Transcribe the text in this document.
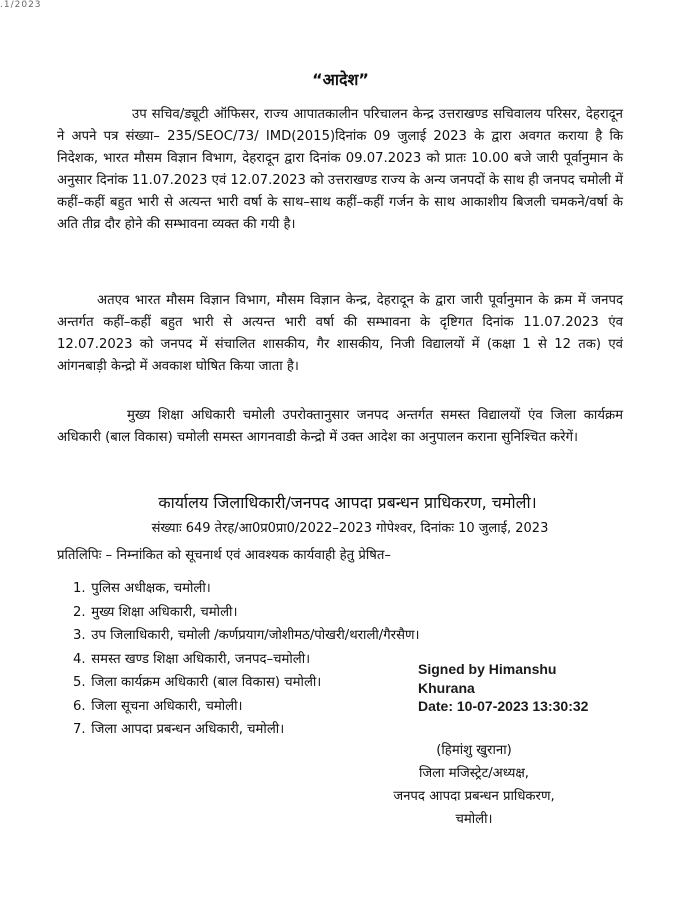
.1/2023
“आदेश”

उप सचिव/ड्यूटी ऑफिसर, राज्य आपातकालीन परिचालन केन्द्र उत्तराखण्ड सचिवालय परिसर, देहरादून ने अपने पत्र संख्या– 235/SEOC/73/ IMD(2015)दिनांक 09 जुलाई 2023 के द्वारा अवगत कराया है कि निदेशक, भारत मौसम विज्ञान विभाग, देहरादून द्वारा दिनांक 09.07.2023 को प्रातः 10.00 बजे जारी पूर्वानुमान के अनुसार दिनांक 11.07.2023 एवं 12.07.2023 को उत्तराखण्ड राज्य के अन्य जनपदों के साथ ही जनपद चमोली में कहीं–कहीं बहुत भारी से अत्यन्त भारी वर्षा के साथ–साथ कहीं–कहीं गर्जन के साथ आकाशीय बिजली चमकने/वर्षा के अति तीव्र दौर होने की सम्भावना व्यक्त की गयी है।

अतएव भारत मौसम विज्ञान विभाग, मौसम विज्ञान केन्द्र, देहरादून के द्वारा जारी पूर्वानुमान के क्रम में जनपद अन्तर्गत कहीं–कहीं बहुत भारी से अत्यन्त भारी वर्षा की सम्भावना के दृष्टिगत दिनांक 11.07.2023 एंव 12.07.2023 को जनपद में संचालित शासकीय, गैर शासकीय, निजी विद्यालयों में (कक्षा 1 से 12 तक) एवं आंगनबाड़ी केन्द्रो में अवकाश घोषित किया जाता है।

मुख्य शिक्षा अधिकारी चमोली उपरोक्तानुसार जनपद अन्तर्गत समस्त विद्यालयों एंव जिला कार्यक्रम अधिकारी (बाल विकास) चमोली समस्त आगनवाडी केन्द्रो में उक्त आदेश का अनुपालन कराना सुनिश्चित करेगें।

कार्यालय जिलाधिकारी/जनपद आपदा प्रबन्धन प्राधिकरण, चमोली।
संख्याः 649 तेरह/आ0प्र0प्रा0/2022–2023 गोपेश्वर, दिनांकः 10 जुलाई, 2023
प्रतिलिपिः – निम्नांकित को सूचनार्थ एवं आवश्यक कार्यवाही हेतु प्रेषित–
1. पुलिस अधीक्षक, चमोली।
2. मुख्य शिक्षा अधिकारी, चमोली।
3. उप जिलाधिकारी, चमोली /कर्णप्रयाग/जोशीमठ/पोखरी/थराली/गैरसैण।
4. समस्त खण्ड शिक्षा अधिकारी, जनपद–चमोली।
5. जिला कार्यक्रम अधिकारी (बाल विकास) चमोली।
6. जिला सूचना अधिकारी, चमोली।
7. जिला आपदा प्रबन्धन अधिकारी, चमोली।
Signed by Himanshu
Khurana
Date: 10-07-2023 13:30:32
(हिमांशु खुराना)
जिला मजिस्ट्रेट/अध्यक्ष,
जनपद आपदा प्रबन्धन प्राधिकरण,
चमोली।
